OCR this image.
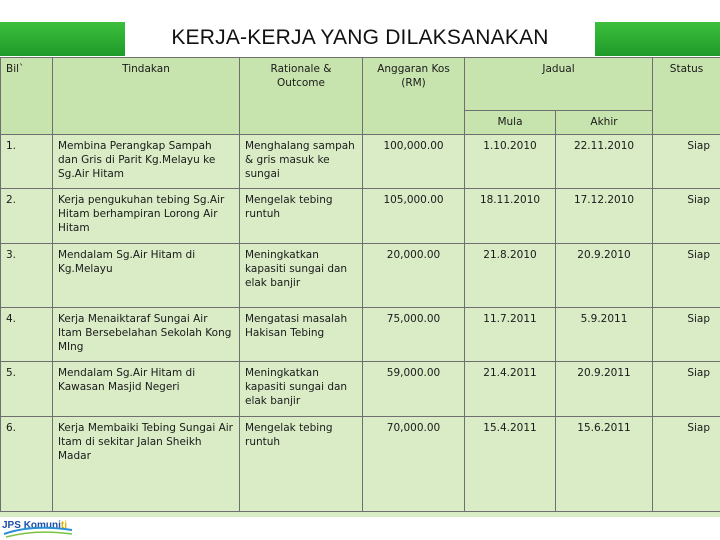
KERJA-KERJA YANG DILAKSANAKAN
Bil`	Tindakan	Rationale & Outcome	Anggaran Kos (RM)	Jadual		Status
				Mula	Akhir	
1.	Membina Perangkap Sampah dan Gris di Parit Kg.Melayu ke Sg.Air Hitam	Menghalang sampah & gris masuk ke sungai	100,000.00	1.10.2010	22.11.2010	Siap
2.	Kerja pengukuhan tebing Sg.Air Hitam berhampiran Lorong Air Hitam	Mengelak tebing runtuh	105,000.00	18.11.2010	17.12.2010	Siap
3.	Mendalam Sg.Air Hitam di Kg.Melayu	Meningkatkan kapasiti sungai dan elak banjir	20,000.00	21.8.2010	20.9.2010	Siap
4.	Kerja Menaiktaraf Sungai Air Itam Bersebelahan Sekolah Kong MIng	Mengatasi masalah Hakisan Tebing	75,000.00	11.7.2011	5.9.2011	Siap
5.	Mendalam Sg.Air Hitam di Kawasan Masjid Negeri	Meningkatkan kapasiti sungai dan elak banjir	59,000.00	21.4.2011	20.9.2011	Siap
6.	Kerja Membaiki Tebing Sungai Air Itam di sekitar Jalan Sheikh Madar	Mengelak tebing runtuh	70,000.00	15.4.2011	15.6.2011	Siap
JPS Komuniti
